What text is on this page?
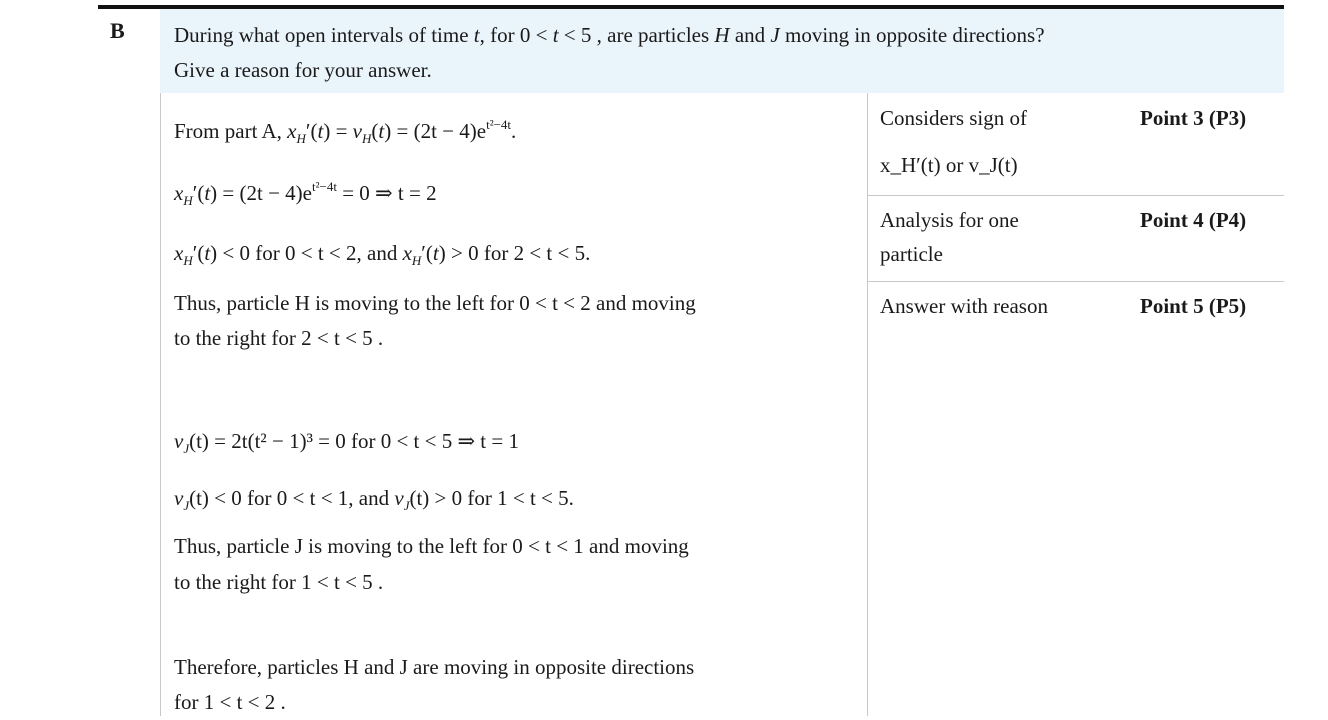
B During what open intervals of time t, for 0 < t < 5 , are particles H and J moving in opposite directions?
Give a reason for your answer.
From part A, $x_H'(t) = v_H(t) = (2t - 4)e^{t^2-4t}$.
$x_H'(t) = (2t - 4)e^{t^2-4t} = 0$ ⇒ t = 2
$x_H'(t) < 0$ for 0 < t < 2, and $x_H'(t) > 0$ for 2 < t < 5.
Thus, particle H is moving to the left for 0 < t < 2 and moving
to the right for 2 < t < 5 .
$v_J(t) = 2t(t^2 - 1)^3 = 0$ for 0 < t < 5 ⇒ t = 1
$v_J(t) < 0$ for 0 < t < 1, and $v_J(t) > 0$ for 1 < t < 5.
Thus, particle J is moving to the left for 0 < t < 1 and moving
to the right for 1 < t < 5 .
Therefore, particles H and J are moving in opposite directions
for 1 < t < 2 .
Considers sign of
x_H′(t) or v_J(t)
Point 3 (P3)
Analysis for one
particle
Point 4 (P4)
Answer with reason	Point 5 (P5)
